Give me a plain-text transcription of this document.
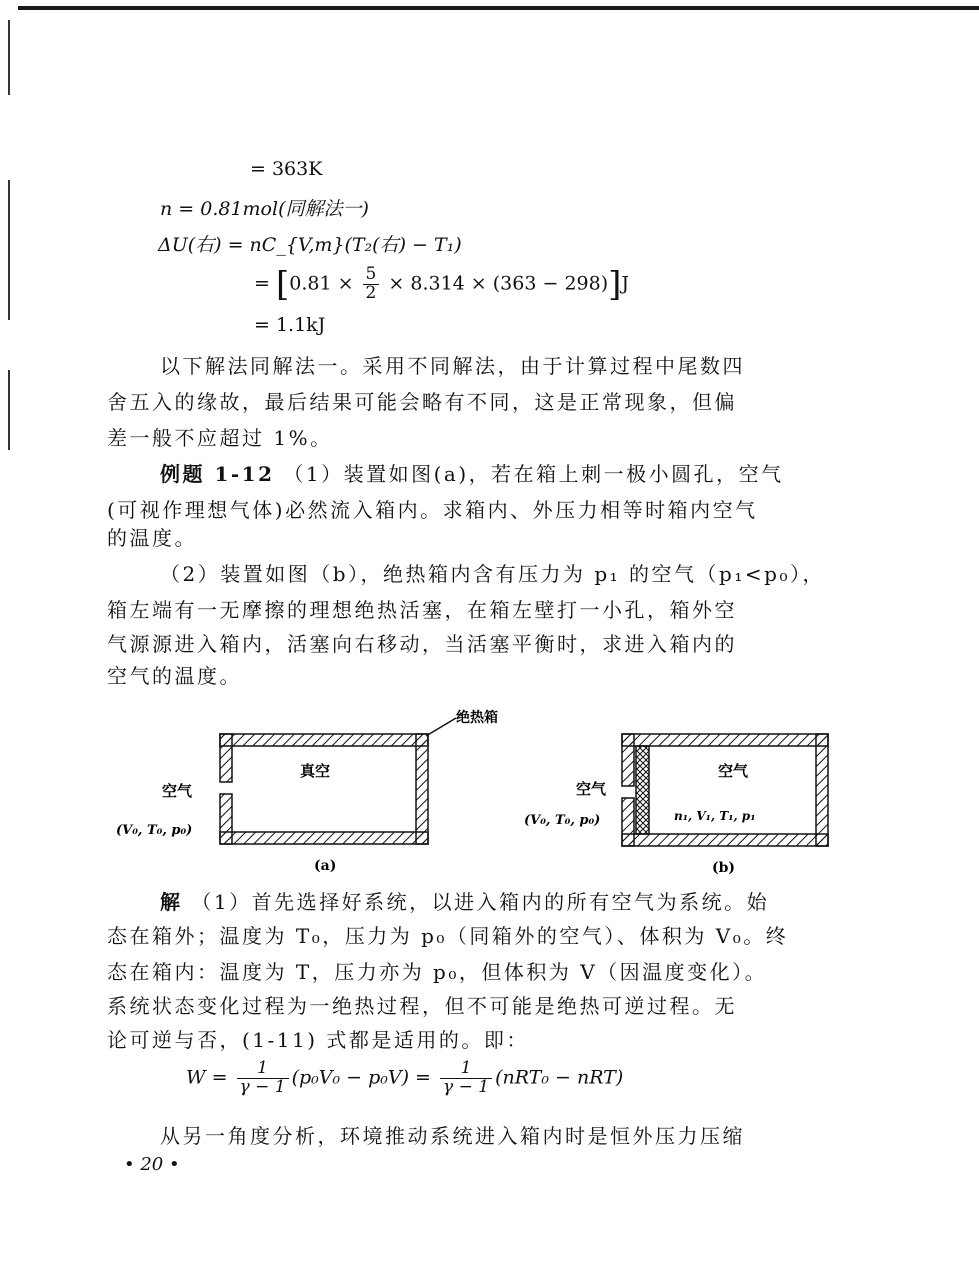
= 363K
n = 0.81mol(同解法一)
ΔU(右) = nC_{V,m}(T₂(右) − T₁)
= $[0.81 \times \frac{5}{2} \times 8.314 \times (363 - 298)]J$
= 1.1kJ
以下解法同解法一。采用不同解法，由于计算过程中尾数四
舍五入的缘故，最后结果可能会略有不同，这是正常现象，但偏
差一般不应超过 1%。
例题 1-12 （1）装置如图(a)，若在箱上刺一极小圆孔，空气
(可视作理想气体)必然流入箱内。求箱内、外压力相等时箱内空气
的温度。
（2）装置如图（b），绝热箱内含有压力为 p₁ 的空气（p₁<p₀），
箱左端有一无摩擦的理想绝热活塞，在箱左壁打一小孔，箱外空
气源源进入箱内，活塞向右移动，当活塞平衡时，求进入箱内的
空气的温度。
真空
空气
(V₀, T₀, p₀)
(a)
绝热箱
空气
空气
(V₀, T₀, p₀)	n₁, V₁, T₁, p₁
(b)
解 （1）首先选择好系统，以进入箱内的所有空气为系统。始
态在箱外；温度为 T₀，压力为 p₀（同箱外的空气）、体积为 V₀。终
态在箱内：温度为 T，压力亦为 p₀，但体积为 V（因温度变化）。
系统状态变化过程为一绝热过程，但不可能是绝热可逆过程。无
论可逆与否，(1-11) 式都是适用的。即：
$W = \frac{1}{\gamma - 1} (p_0V_0 - p_0V) = \frac{1}{\gamma - 1} (nRT_0 - nRT)$
从另一角度分析，环境推动系统进入箱内时是恒外压力压缩
• 20 •
